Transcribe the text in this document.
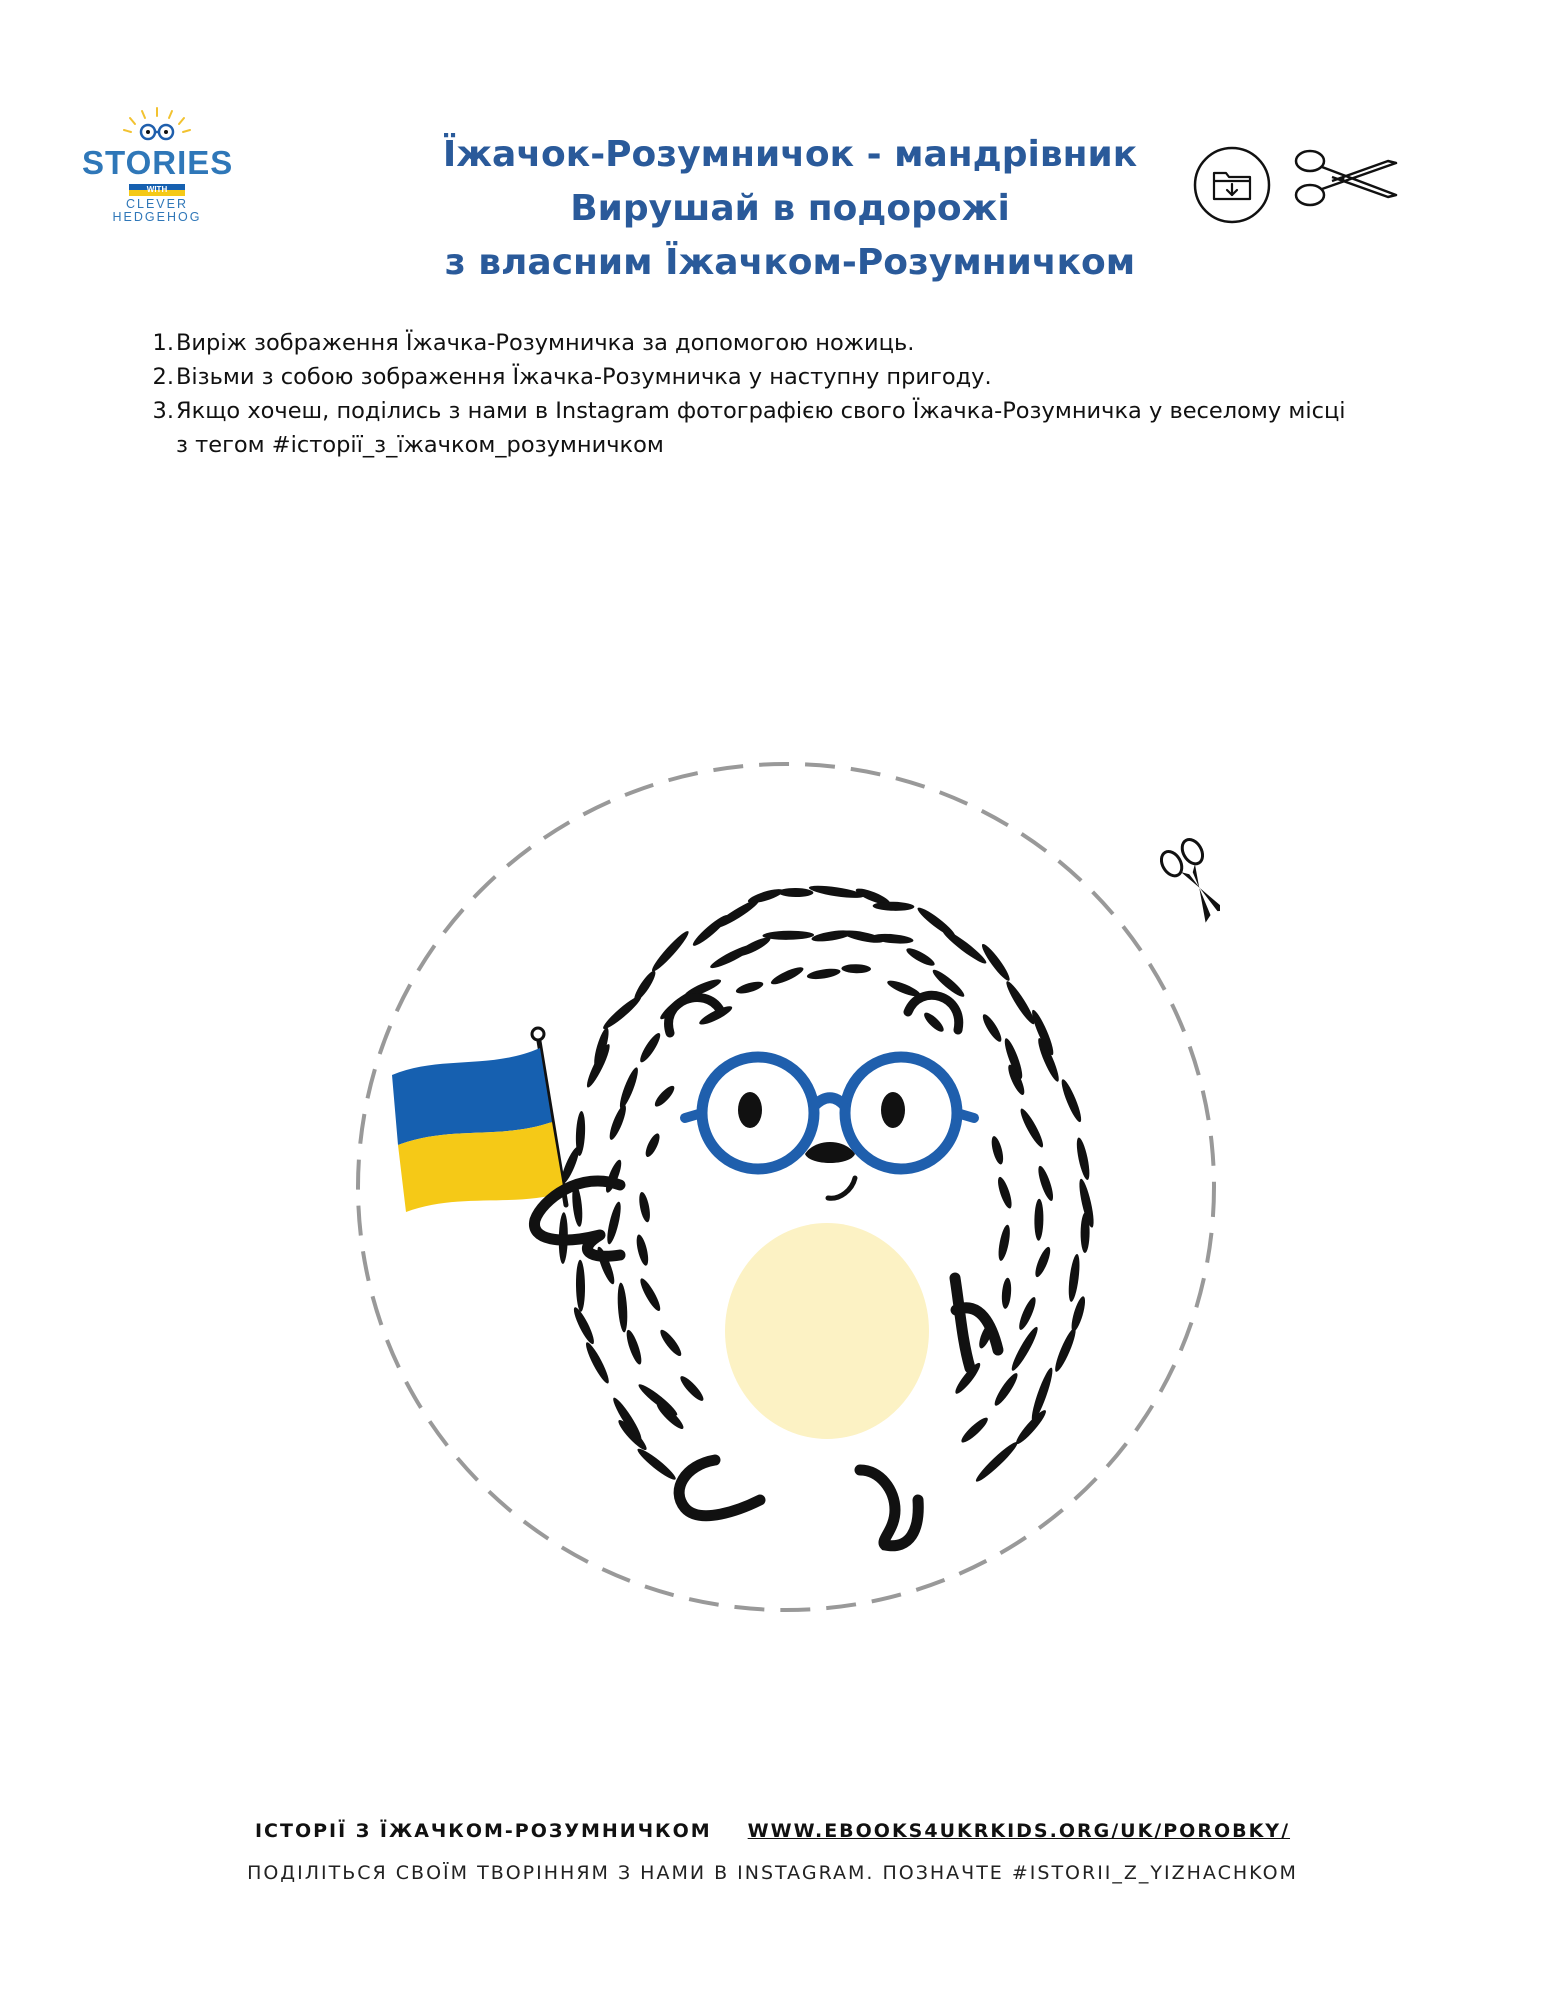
STORIES
WITH
CLEVER
HEDGEHOG
Їжачок-Розумничок - мандрівник
Вирушай в подорожі
з власним Їжачком-Розумничком
1. Виріж зображення Їжачка-Розумничка за допомогою ножиць.
2. Візьми з собою зображення Їжачка-Розумничка у наступну пригоду.
3. Якщо хочеш, поділись з нами в Instagram фотографією свого Їжачка-Розумничка у веселому місці з тегом #історії_з_їжачком_розумничком
ІСТОРІЇ З ЇЖАЧКОМ-РОЗУМНИЧКОМ WWW.EBOOKS4UKRKIDS.ORG/UK/POROBKY/
ПОДІЛІТЬСЯ СВОЇМ ТВОРІННЯМ З НАМИ В INSTAGRAM. ПОЗНАЧТЕ #ISTORII_Z_YIZHACHKOM
